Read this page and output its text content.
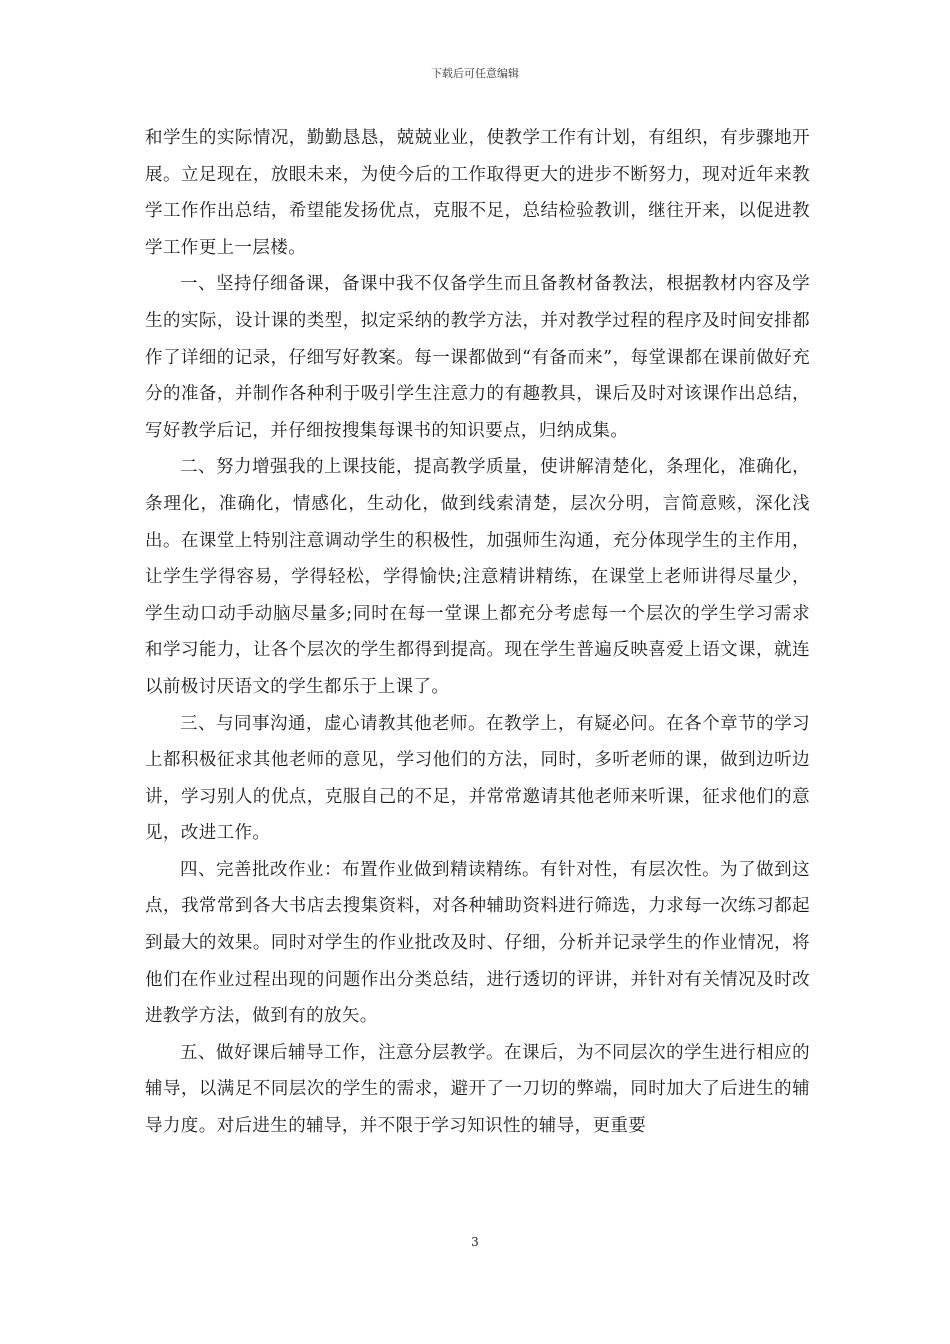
下载后可任意编辑

和学生的实际情况，勤勤恳恳，兢兢业业，使教学工作有计划，有组织，有步骤地开展。立足现在，放眼未来，为使今后的工作取得更大的进步不断努力，现对近年来教学工作作出总结，希望能发扬优点，克服不足，总结检验教训，继往开来，以促进教学工作更上一层楼。

一、坚持仔细备课，备课中我不仅备学生而且备教材备教法，根据教材内容及学生的实际，设计课的类型，拟定采纳的教学方法，并对教学过程的程序及时间安排都作了详细的记录，仔细写好教案。每一课都做到“有备而来”，每堂课都在课前做好充分的准备，并制作各种利于吸引学生注意力的有趣教具，课后及时对该课作出总结，写好教学后记，并仔细按搜集每课书的知识要点，归纳成集。

二、努力增强我的上课技能，提高教学质量，使讲解清楚化，条理化，准确化，条理化，准确化，情感化，生动化，做到线索清楚，层次分明，言简意赅，深化浅出。在课堂上特别注意调动学生的积极性，加强师生沟通，充分体现学生的主作用，让学生学得容易，学得轻松，学得愉快;注意精讲精练，在课堂上老师讲得尽量少，学生动口动手动脑尽量多;同时在每一堂课上都充分考虑每一个层次的学生学习需求和学习能力，让各个层次的学生都得到提高。现在学生普遍反映喜爱上语文课，就连以前极讨厌语文的学生都乐于上课了。

三、与同事沟通，虚心请教其他老师。在教学上，有疑必问。在各个章节的学习上都积极征求其他老师的意见，学习他们的方法，同时，多听老师的课，做到边听边讲，学习别人的优点，克服自己的不足，并常常邀请其他老师来听课，征求他们的意见，改进工作。

四、完善批改作业：布置作业做到精读精练。有针对性，有层次性。为了做到这点，我常常到各大书店去搜集资料，对各种辅助资料进行筛选，力求每一次练习都起到最大的效果。同时对学生的作业批改及时、仔细，分析并记录学生的作业情况，将他们在作业过程出现的问题作出分类总结，进行透切的评讲，并针对有关情况及时改进教学方法，做到有的放矢。

五、做好课后辅导工作，注意分层教学。在课后，为不同层次的学生进行相应的辅导，以满足不同层次的学生的需求，避开了一刀切的弊端，同时加大了后进生的辅导力度。对后进生的辅导，并不限于学习知识性的辅导，更重要

3
